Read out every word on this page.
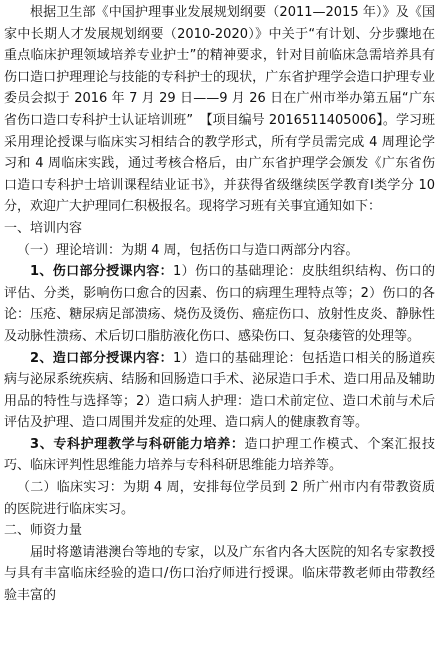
根据卫生部《中国护理事业发展规划纲要（2011—2015 年）》及《国家中长期人才发展规划纲要（2010-2020）》中关于“有计划、分步骤地在重点临床护理领域培养专业护士”的精神要求，针对目前临床急需培养具有伤口造口护理理论与技能的专科护士的现状，广东省护理学会造口护理专业委员会拟于 2016 年 7 月 29 日——9 月 26 日在广州市举办第五届“广东省伤口造口专科护士认证培训班”　【项目编号 2016511405006】。学习班采用理论授课与临床实习相结合的教学形式，所有学员需完成 4 周理论学习和 4 周临床实践，通过考核合格后，由广东省护理学会颁发《广东省伤口造口专科护士培训课程结业证书》，并获得省级继续医学教育Ⅰ类学分 10 分，欢迎广大护理同仁积极报名。现将学习班有关事宜通知如下：

一、培训内容

（一）理论培训：为期 4 周，包括伤口与造口两部分内容。

1、伤口部分授课内容：1）伤口的基础理论：皮肤组织结构、伤口的评估、分类，影响伤口愈合的因素、伤口的病理生理特点等；2）伤口的各论：压疮、糖尿病足部溃疡、烧伤及烫伤、癌症伤口、放射性皮炎、静脉性及动脉性溃疡、术后切口脂肪液化伤口、感染伤口、复杂瘘管的处理等。

2、造口部分授课内容：1）造口的基础理论：包括造口相关的肠道疾病与泌尿系统疾病、结肠和回肠造口手术、泌尿造口手术、造口用品及辅助用品的特性与选择等；2）造口病人护理：造口术前定位、造口术前与术后评估及护理、造口周围并发症的处理、造口病人的健康教育等。

3、专科护理教学与科研能力培养：造口护理工作模式、个案汇报技巧、临床评判性思维能力培养与专科科研思维能力培养等。

（二）临床实习：为期 4 周，安排每位学员到 2 所广州市内有带教资质的医院进行临床实习。

二、师资力量

届时将邀请港澳台等地的专家，以及广东省内各大医院的知名专家教授与具有丰富临床经验的造口/伤口治疗师进行授课。临床带教老师由带教经验丰富的
